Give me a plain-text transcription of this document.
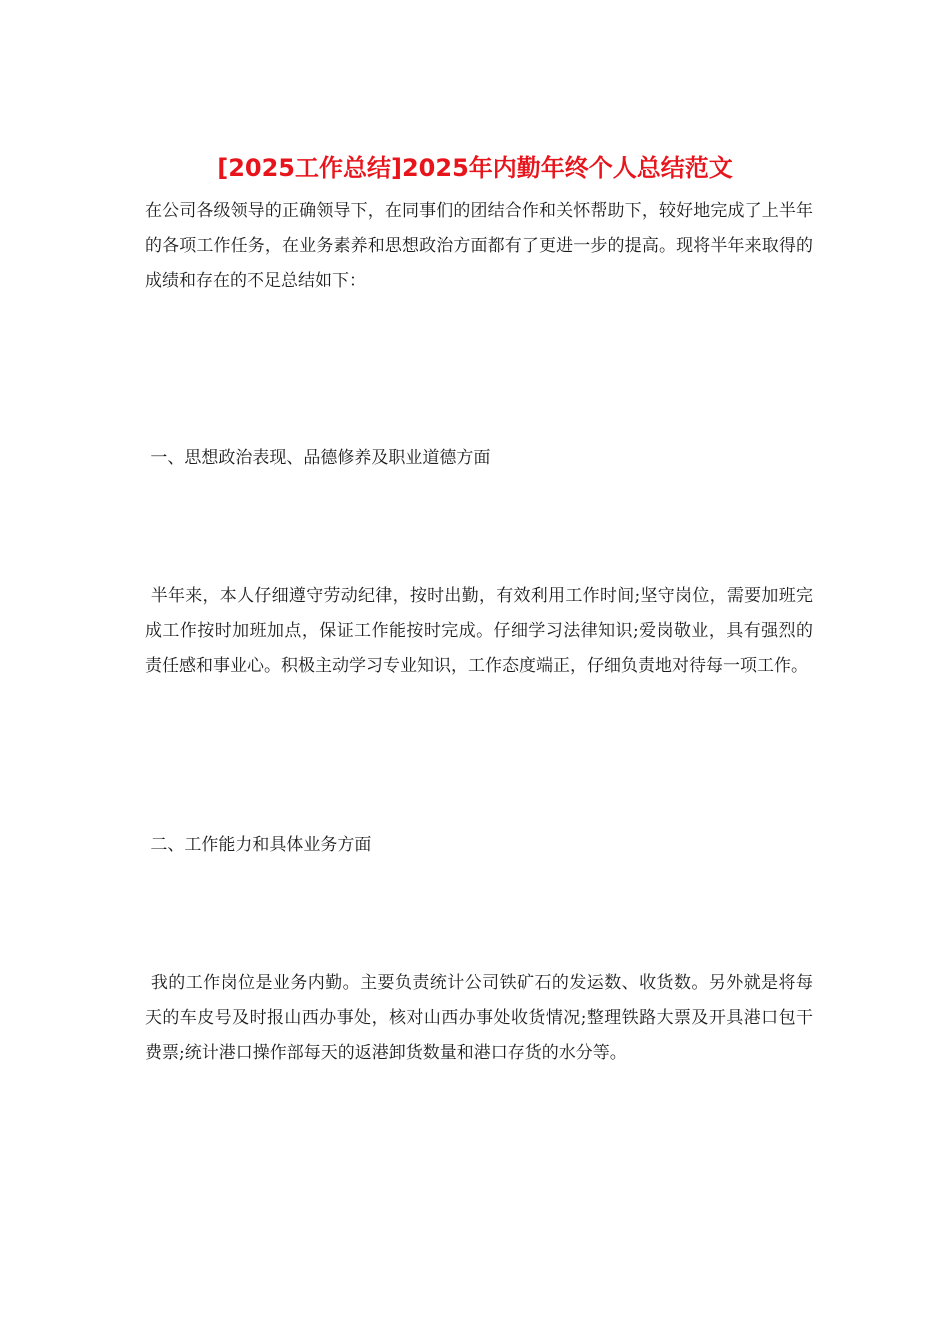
[2025工作总结]2025年内勤年终个人总结范文

在公司各级领导的正确领导下，在同事们的团结合作和关怀帮助下，较好地完成了上半年的各项工作任务，在业务素养和思想政治方面都有了更进一步的提高。现将半年来取得的成绩和存在的不足总结如下：

一、思想政治表现、品德修养及职业道德方面

半年来，本人仔细遵守劳动纪律，按时出勤，有效利用工作时间;坚守岗位，需要加班完成工作按时加班加点，保证工作能按时完成。仔细学习法律知识;爱岗敬业，具有强烈的责任感和事业心。积极主动学习专业知识，工作态度端正，仔细负责地对待每一项工作。

二、工作能力和具体业务方面

我的工作岗位是业务内勤。主要负责统计公司铁矿石的发运数、收货数。另外就是将每天的车皮号及时报山西办事处，核对山西办事处收货情况;整理铁路大票及开具港口包干费票;统计港口操作部每天的返港卸货数量和港口存货的水分等。
